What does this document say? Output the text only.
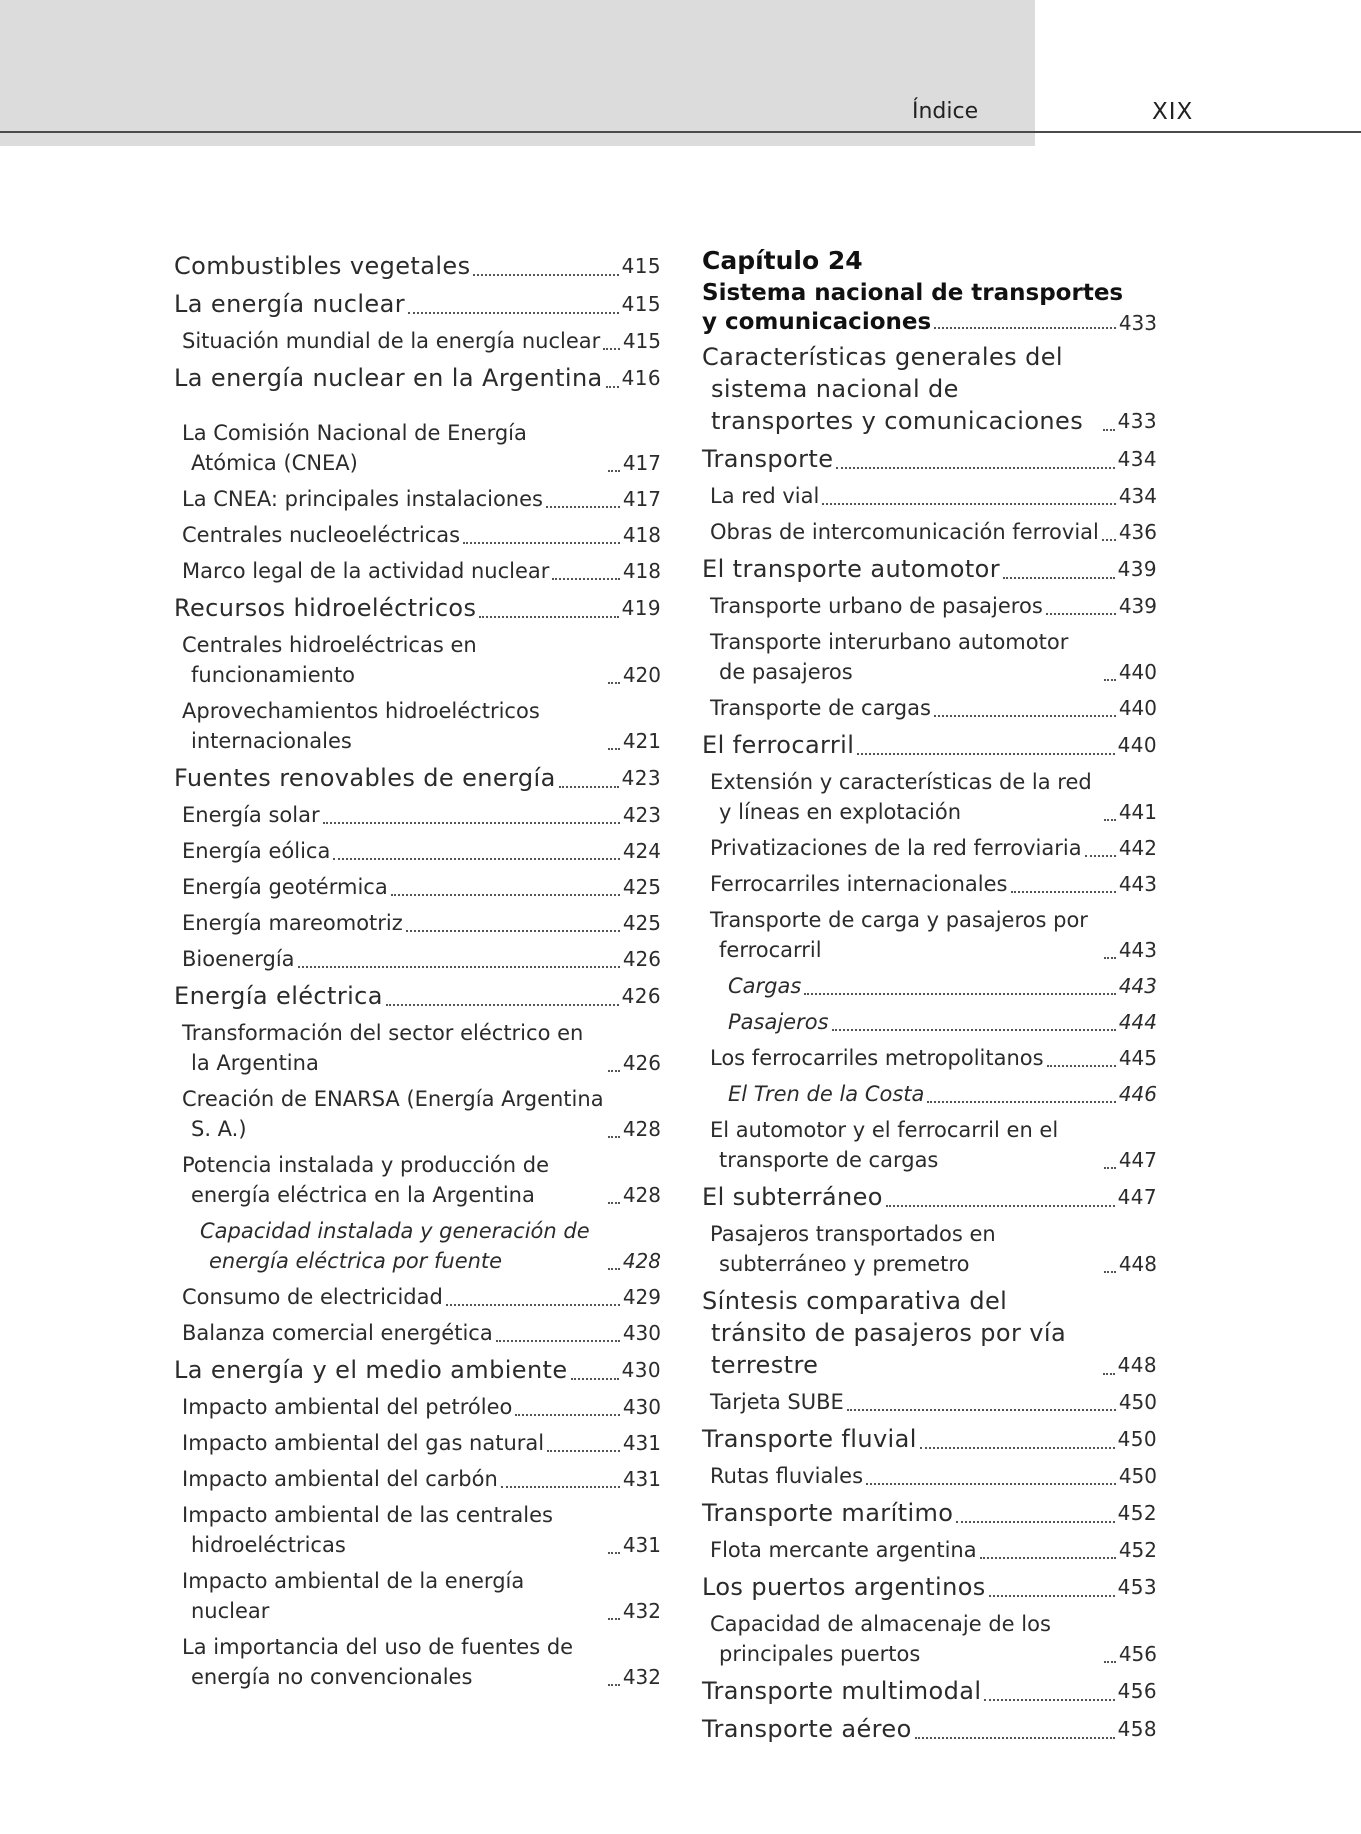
Índice	XIX
Combustibles vegetales	415
La energía nuclear	415
Situación mundial de la energía nuclear 415
La energía nuclear en la Argentina 416
La Comisión Nacional de Energía Atómica (CNEA)	417
La CNEA: principales instalaciones	417
Centrales nucleoeléctricas	418
Marco legal de la actividad nuclear	418
Recursos hidroeléctricos	419
Centrales hidroeléctricas en funcionamiento	420
Aprovechamientos hidroeléctricos internacionales	421
Fuentes renovables de energía	423
Energía solar	423
Energía eólica	424
Energía geotérmica	425
Energía mareomotriz	425
Bioenergía	426
Energía eléctrica	426
Transformación del sector eléctrico en la Argentina	426
Creación de ENARSA (Energía Argentina S. A.)	428
Potencia instalada y producción de energía eléctrica en la Argentina	428
Capacidad instalada y generación de energía eléctrica por fuente	428
Consumo de electricidad	429
Balanza comercial energética	430
La energía y el medio ambiente	430
Impacto ambiental del petróleo	430
Impacto ambiental del gas natural	431
Impacto ambiental del carbón	431
Impacto ambiental de las centrales hidroeléctricas	431
Impacto ambiental de la energía nuclear	432
La importancia del uso de fuentes de energía no convencionales	432
Capítulo 24
Sistema nacional de transportes
y comunicaciones	433
Características generales del sistema nacional de transportes y comunicaciones	433
Transporte	434
La red vial	434
Obras de intercomunicación ferrovial 436
El transporte automotor	439
Transporte urbano de pasajeros	439
Transporte interurbano automotor de pasajeros	440
Transporte de cargas	440
El ferrocarril	440
Extensión y características de la red y líneas en explotación	441
Privatizaciones de la red ferroviaria 442
Ferrocarriles internacionales	443
Transporte de carga y pasajeros por ferrocarril	443
Cargas	443
Pasajeros	444
Los ferrocarriles metropolitanos	445
El Tren de la Costa	446
El automotor y el ferrocarril en el transporte de cargas	447
El subterráneo	447
Pasajeros transportados en subterráneo y premetro	448
Síntesis comparativa del tránsito de pasajeros por vía terrestre	448
Tarjeta SUBE	450
Transporte fluvial	450
Rutas fluviales	450
Transporte marítimo	452
Flota mercante argentina	452
Los puertos argentinos	453
Capacidad de almacenaje de los principales puertos	456
Transporte multimodal	456
Transporte aéreo	458
